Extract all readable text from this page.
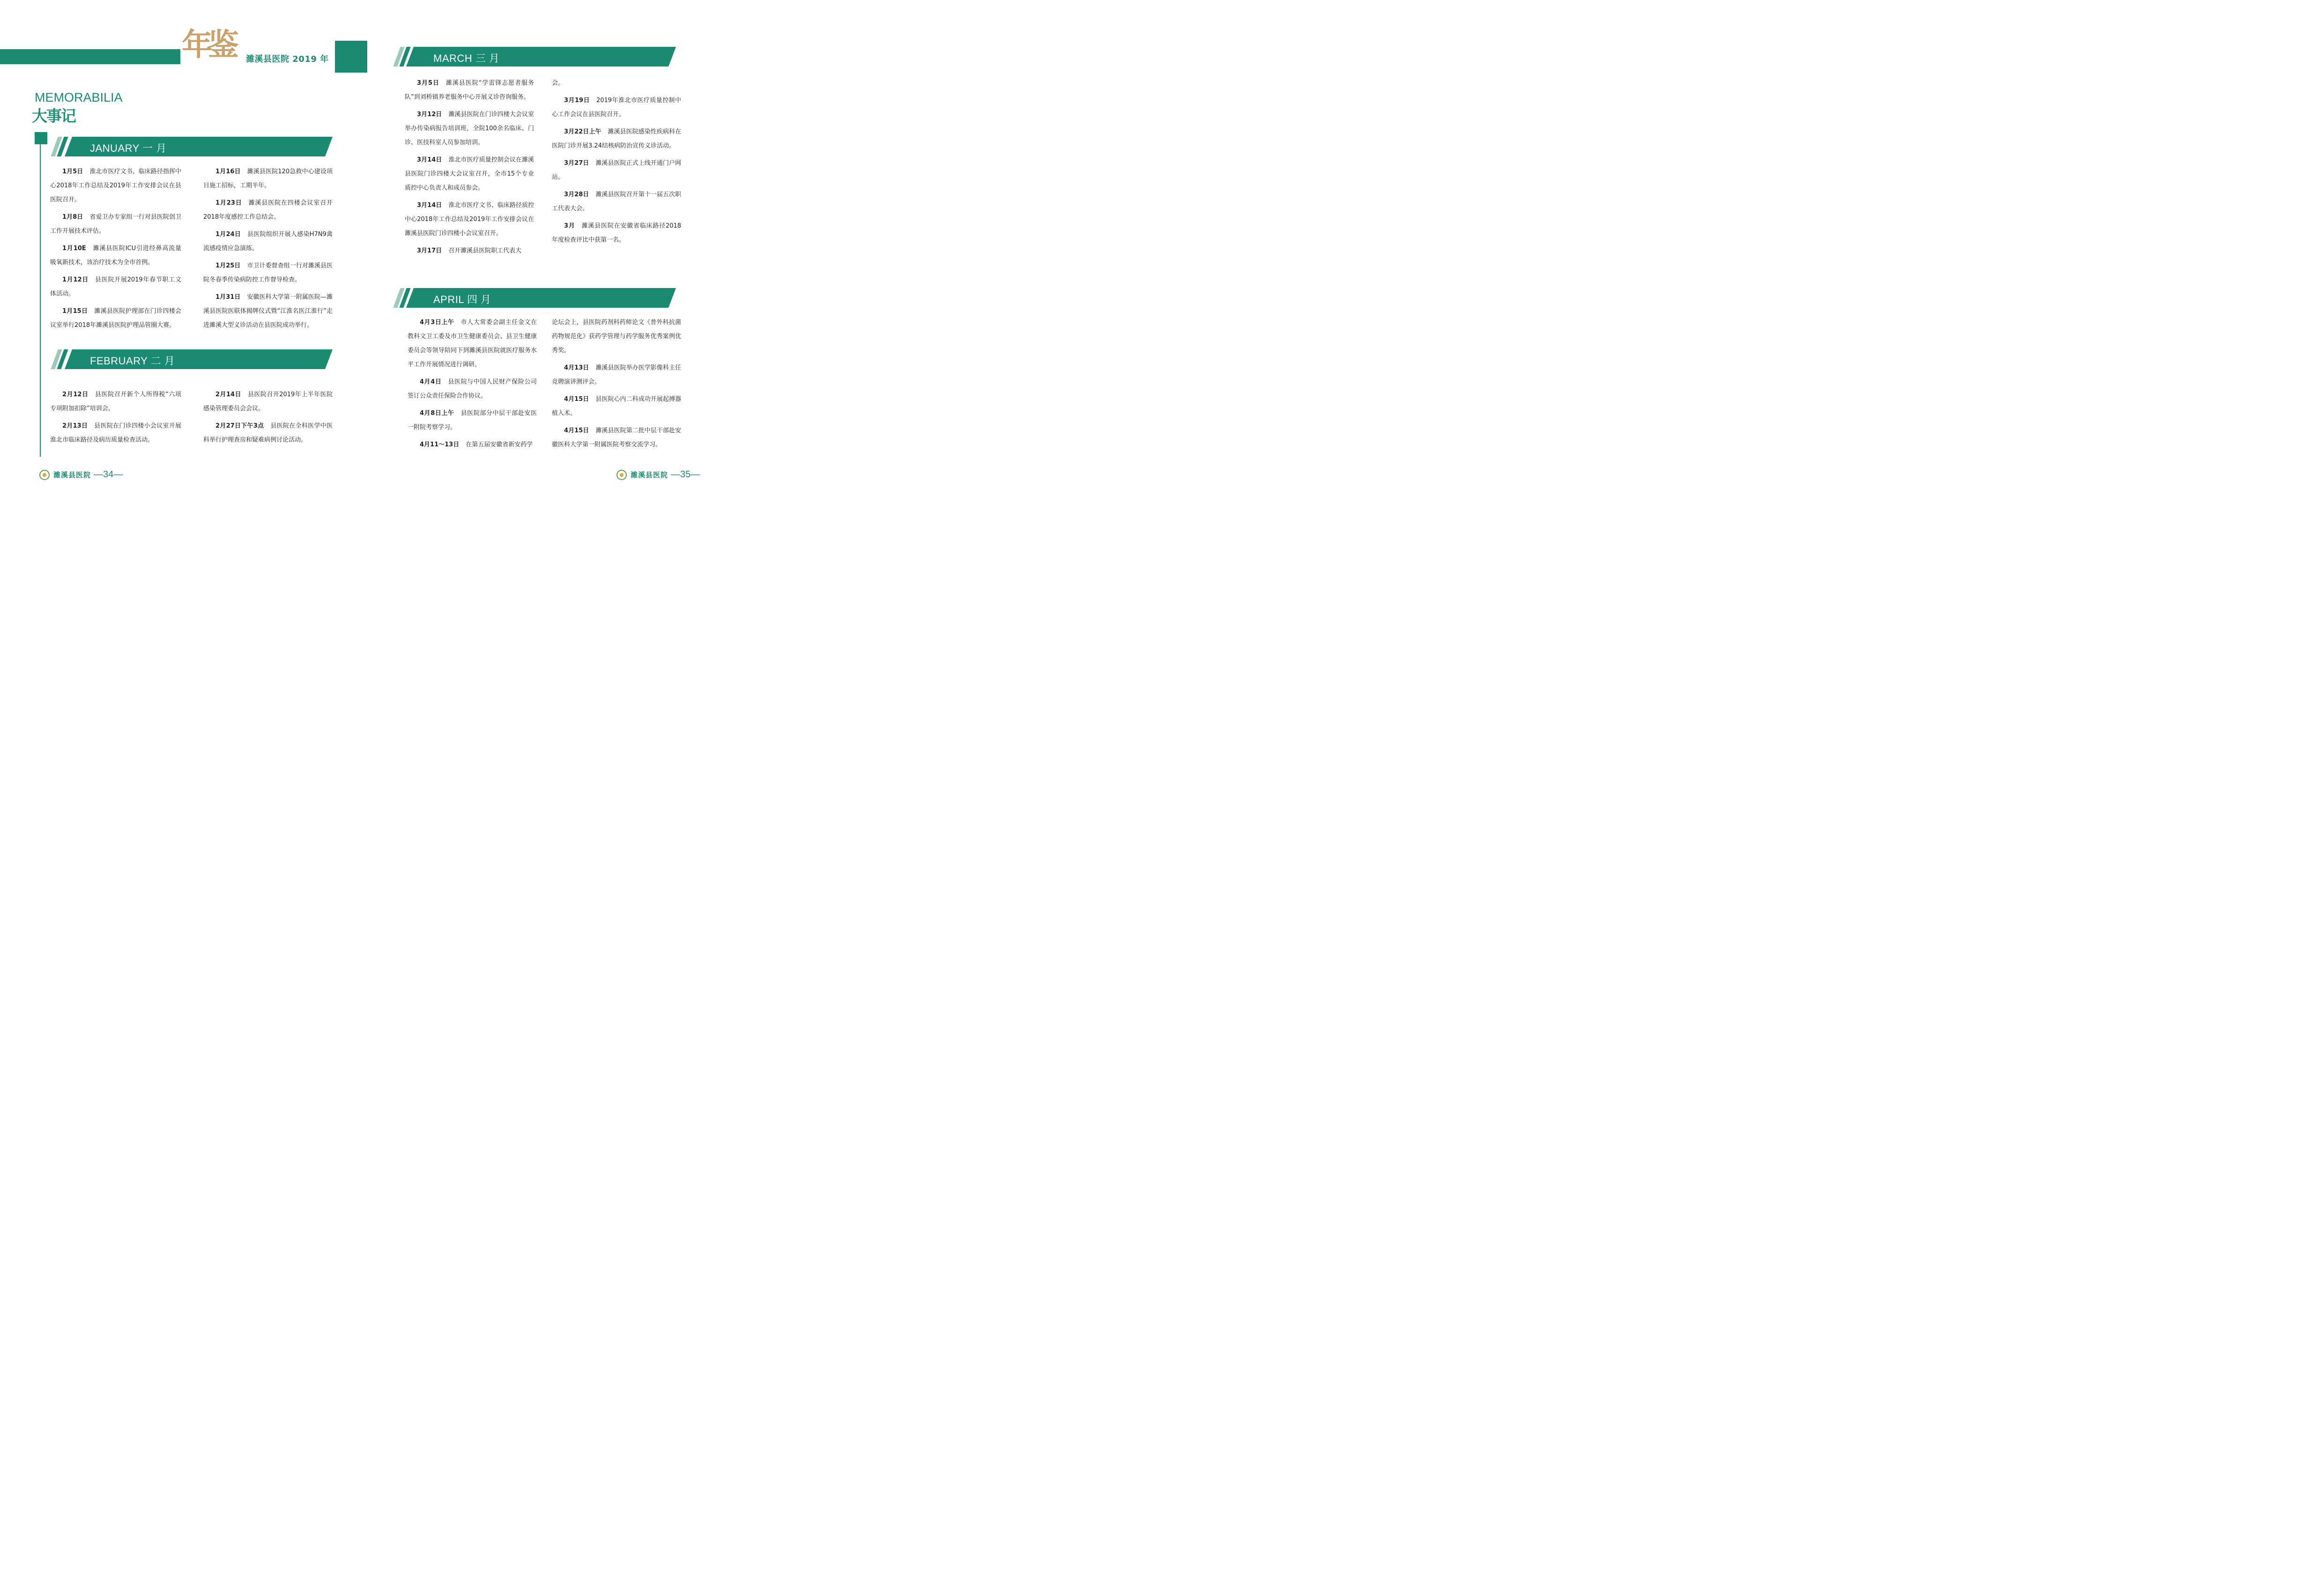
年鉴 濉溪县医院 2019 年
MEMORABILIA
大事记
JANUARY 一 月
1月5日 淮北市医疗文书、临床路径指挥中心2018年工作总结及2019年工作安排会议在县医院召开。
1月8日 省爱卫办专家组一行对县医院创卫工作开展技术评估。
1月10E 濉溪县医院ICU引进经鼻高流量吸氧新技术，该治疗技术为全市首例。
1月12日 县医院开展2019年春节职工文体活动。
1月15日 濉溪县医院护理部在门诊四楼会议室举行2018年濉溪县医院护理品管圈大赛。
1月16日 濉溪县医院120急救中心建设项目施工招标，工期半年。
1月23日 濉溪县医院在四楼会议室召开2018年度感控工作总结会。
1月24日 县医院组织开展人感染H7N9禽流感疫情应急演练。
1月25日 市卫计委督查组一行对濉溪县医院冬春季传染病防控工作督导检查。
1月31日 安徽医科大学第一附属医院—濉溪县医院医联体揭牌仪式暨“江淮名医江淮行”走进濉溪大型义诊活动在县医院成功举行。
FEBRUARY 二 月
2月12日 县医院召开新个人所得税“六项专项附加扣除”培训会。
2月13日 县医院在门诊四楼小会议室开展淮北市临床路径及病历质量检查活动。
2月14日 县医院召开2019年上半年医院感染管理委员会会议。
2月27日下午3点 县医院在全科医学中医科举行护理查房和疑难病例讨论活动。
MARCH 三 月
3月5日 濉溪县医院“学雷锋志愿者服务队”到刘桥镇养老服务中心开展义诊咨询服务。
3月12日 濉溪县医院在门诊四楼大会议室举办传染病报告培训班，全院100余名临床、门诊、医技科室人员参加培训。
3月14日 淮北市医疗质量控制会议在濉溪县医院门诊四楼大会议室召开，全市15个专业质控中心负责人和成员参会。
3月14日 淮北市医疗文书、临床路径质控中心2018年工作总结及2019年工作安排会议在濉溪县医院门诊四楼小会议室召开。
3月17日 召开濉溪县医院职工代表大
会。
3月19日 2019年淮北市医疗质量控制中心工作会议在县医院召开。
3月22日上午 濉溪县医院感染性疾病科在医院门诊开展3.24结核病防治宣传义诊活动。
3月27日 濉溪县医院正式上线开通门户网站。
3月28日 濉溪县医院召开第十一届五次职工代表大会。
3月 濉溪县医院在安徽省临床路径2018年度检查评比中获第一名。
APRIL 四 月
4月3日上午 市人大常委会副主任金文在教科文卫工委及市卫生健康委员会、县卫生健康委员会等领导陪同下到濉溪县医院就医疗服务水平工作开展情况进行调研。
4月4日 县医院与中国人民财产保险公司签订公众责任保险合作协议。
4月8日上午 县医院部分中层干部赴安医一附院考察学习。
4月11～13日 在第五届安徽省新安药学
论坛会上，县医院药剂科药师论文《普外科抗菌药物规范化》获药学管理与药学服务优秀案例优秀奖。
4月13日 濉溪县医院举办医学影像科主任竞聘演讲测评会。
4月15日 县医院心内二科成功开展起搏器植入术。
4月15日 濉溪县医院第二批中层干部赴安徽医科大学第一附属医院考察交流学习。
濉溪县医院 —34—	濉溪县医院 —35—
